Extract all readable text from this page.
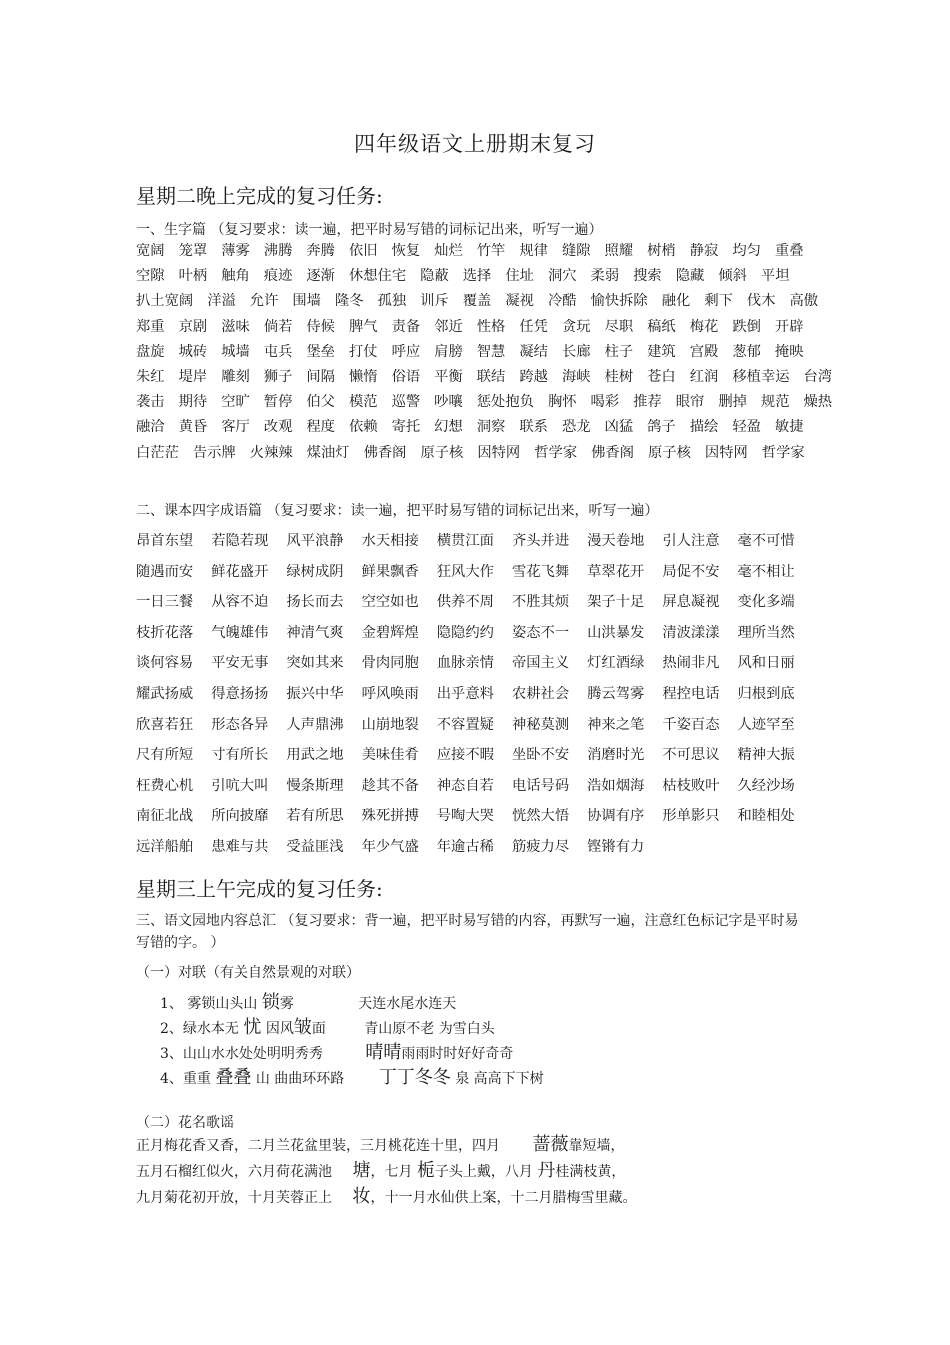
四年级语文上册期末复习
星期二晚上完成的复习任务:
一、生字篇 （复习要求：读一遍，把平时易写错的词标记出来，听写一遍）
宽阔 笼罩 薄雾 沸腾 奔腾 依旧 恢复 灿烂 竹竿 规律 缝隙 照耀 树梢 静寂 均匀 重叠空隙 叶柄 触角 痕迹 逐渐 休想住宅 隐蔽 选择 住址 洞穴 柔弱 搜索 隐藏 倾斜 平坦扒土宽阔 洋溢 允许 围墙 隆冬 孤独 训斥 覆盖 凝视 冷酷 愉快拆除 融化 剩下 伐木 高傲郑重 京剧 滋味 倘若 侍候 脾气 责备 邻近 性格 任凭 贪玩 尽职 稿纸 梅花 跌倒 开辟盘旋 城砖 城墙 屯兵 堡垒 打仗 呼应 肩膀 智慧 凝结 长廊 柱子 建筑 宫殿 葱郁 掩映朱红 堤岸 雕刻 狮子 间隔 懒惰 俗语 平衡 联结 跨越 海峡 桂树 苍白 红润 移植幸运 台湾袭击 期待 空旷 暂停 伯父 模范 巡警 吵嚷 惩处抱负 胸怀 喝彩 推荐 眼帘 删掉 规范 燥热融洽 黄昏 客厅 改观 程度 依赖 寄托 幻想 洞察 联系 恐龙 凶猛 鸽子 描绘 轻盈 敏捷白茫茫 告示牌 火辣辣 煤油灯 佛香阁 原子核 因特网 哲学家 佛香阁 原子核 因特网 哲学家
二、课本四字成语篇 （复习要求：读一遍，把平时易写错的词标记出来，听写一遍）
昂首东望 若隐若现 风平浪静 水天相接 横贯江面 齐头并进 漫天卷地 引人注意 毫不可惜随遇而安 鲜花盛开 绿树成阴 鲜果飘香 狂风大作 雪花飞舞 草翠花开 局促不安 毫不相让一日三餐 从容不迫 扬长而去 空空如也 供养不周 不胜其烦 架子十足 屏息凝视 变化多端枝折花落 气魄雄伟 神清气爽 金碧辉煌 隐隐约约 姿态不一 山洪暴发 清波漾漾 理所当然谈何容易 平安无事 突如其来 骨肉同胞 血脉亲情 帝国主义 灯红酒绿 热闹非凡 风和日丽耀武扬威 得意扬扬 振兴中华 呼风唤雨 出乎意料 农耕社会 腾云驾雾 程控电话 归根到底欣喜若狂 形态各异 人声鼎沸 山崩地裂 不容置疑 神秘莫测 神来之笔 千姿百态 人迹罕至尺有所短 寸有所长 用武之地 美味佳肴 应接不暇 坐卧不安 消磨时光 不可思议 精神大振枉费心机 引吭大叫 慢条斯理 趁其不备 神态自若 电话号码 浩如烟海 枯枝败叶 久经沙场南征北战 所向披靡 若有所思 殊死拼搏 号啕大哭 恍然大悟 协调有序 形单影只 和睦相处远洋船舶 患难与共 受益匪浅 年少气盛 年逾古稀 筋疲力尽 铿锵有力
星期三上午完成的复习任务:
三、语文园地内容总汇 （复习要求：背一遍，把平时易写错的内容，再默写一遍，注意红色标记字是平时易写错的字。 ）
（一）对联（有关自然景观的对联）
1、 雾锁山头山 锁雾	天连水尾水连天
2、绿水本无 忧 因风皱面	青山原不老 为雪白头
3、山山水水处处明明秀秀 晴晴雨雨时时好好奇奇
4、重重 叠叠 山 曲曲环环路 丁丁冬冬 泉 高高下下树
（二）花名歌谣
正月梅花香又香，二月兰花盆里装，三月桃花连十里，四月 蔷薇靠短墙，
五月石榴红似火，六月荷花满池 塘，七月 栀子头上戴，八月 丹桂满枝黄，
九月菊花初开放，十月芙蓉正上 妆，十一月水仙供上案，十二月腊梅雪里藏。
